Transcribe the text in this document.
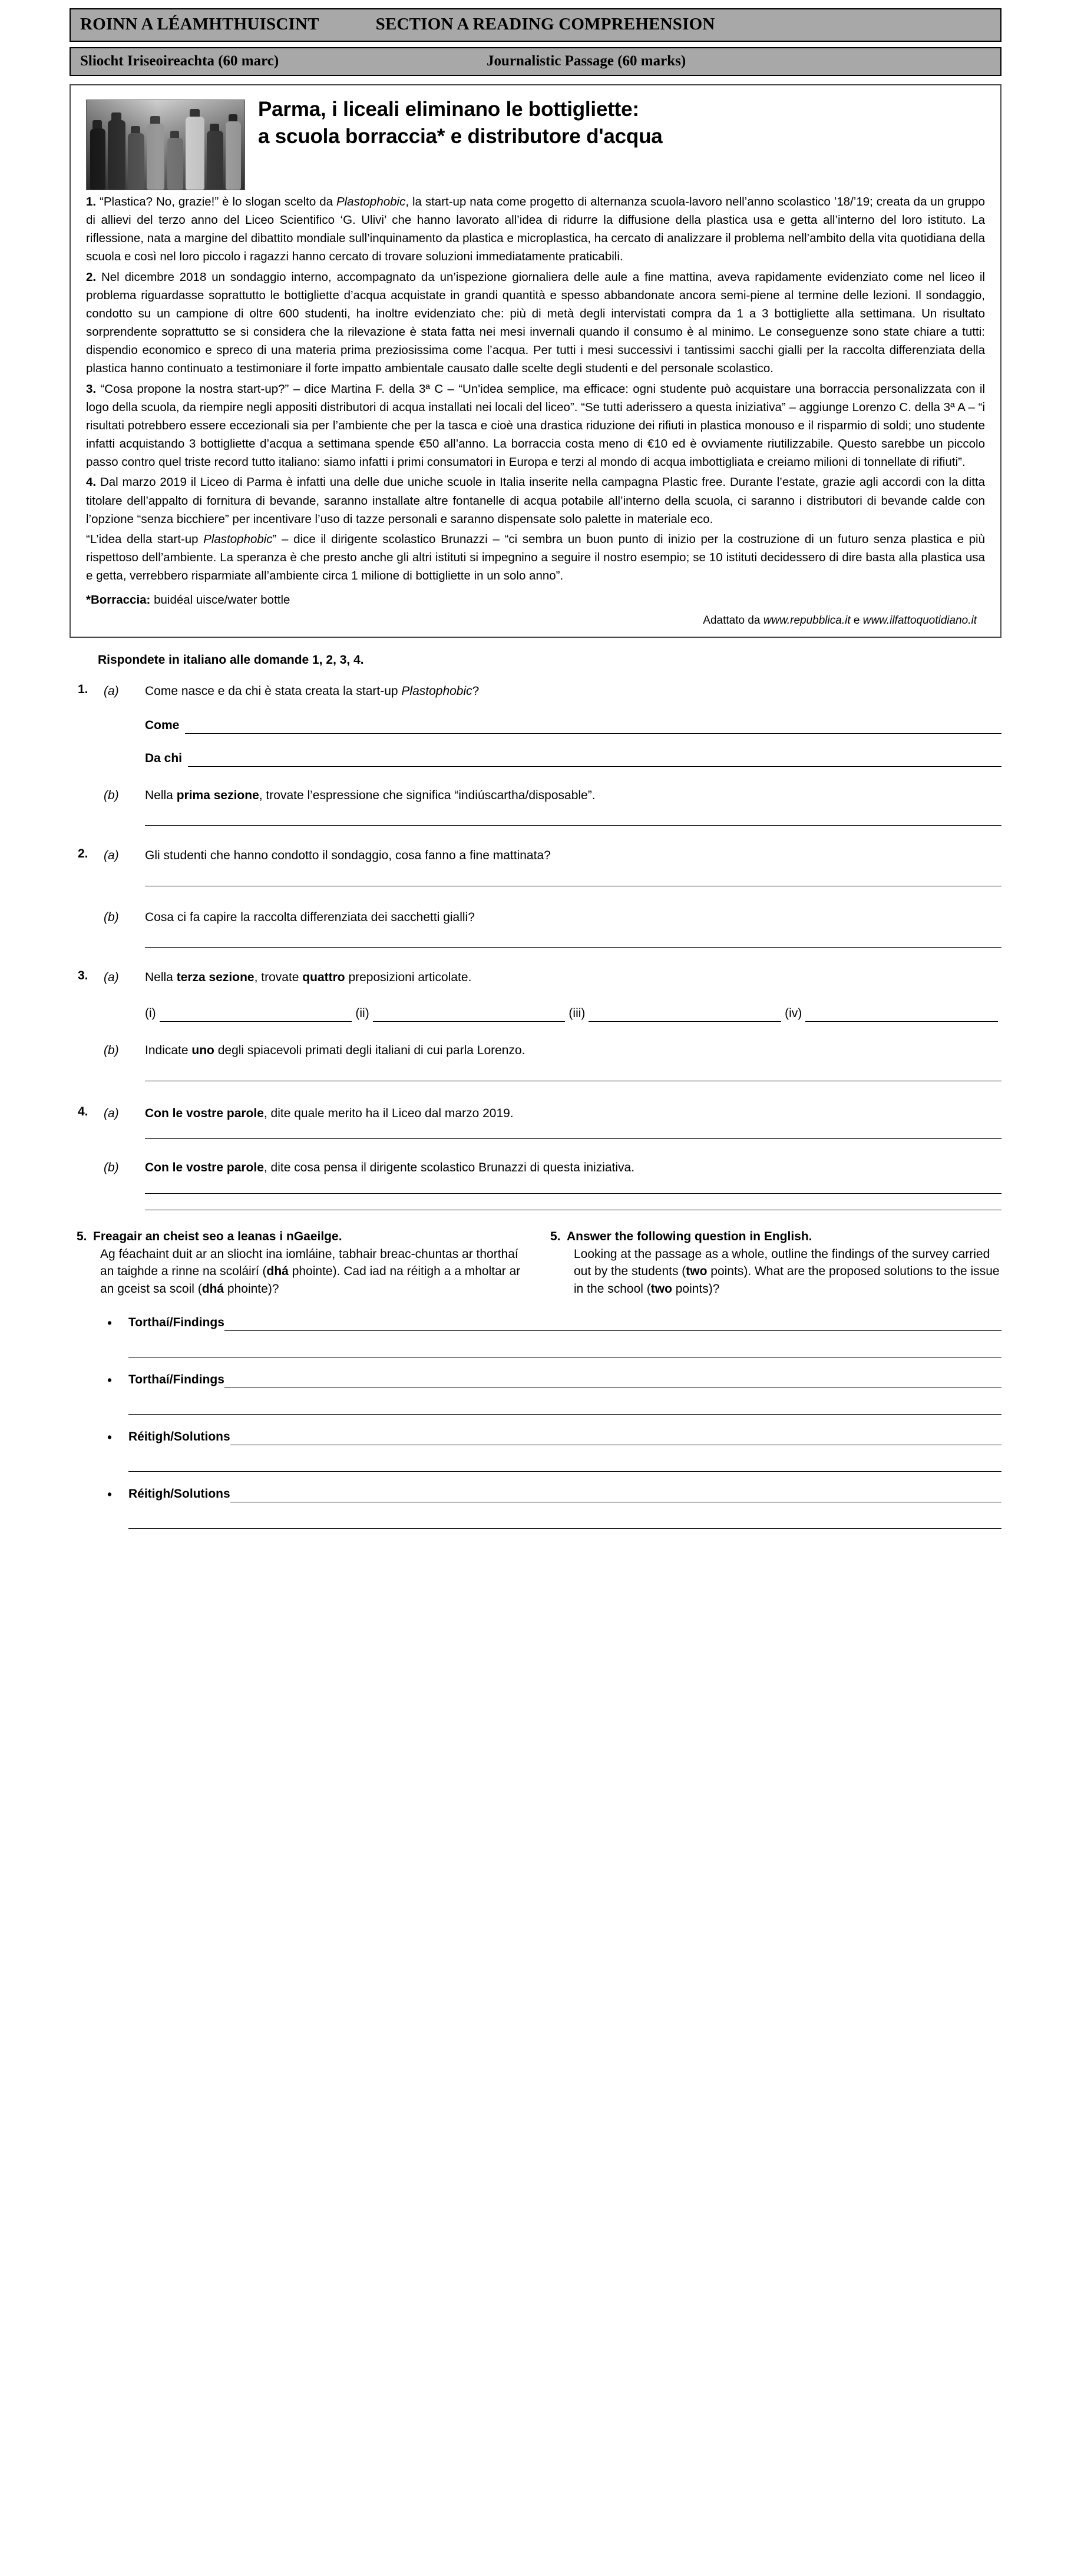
ROINN A LÉAMHTHUISCINT	SECTION A READING COMPREHENSION
Sliocht Iriseoireachta (60 marc)	Journalistic Passage (60 marks)
Parma, i liceali eliminano le bottigliette:
a scuola borraccia* e distributore d'acqua

1. “Plastica? No, grazie!” è lo slogan scelto da Plastophobic, la start-up nata come progetto di alternanza scuola-lavoro nell’anno scolastico ’18/’19; creata da un gruppo di allievi del terzo anno del Liceo Scientifico ‘G. Ulivi’ che hanno lavorato all’idea di ridurre la diffusione della plastica usa e getta all’interno del loro istituto. La riflessione, nata a margine del dibattito mondiale sull’inquinamento da plastica e microplastica, ha cercato di analizzare il problema nell’ambito della vita quotidiana della scuola e così nel loro piccolo i ragazzi hanno cercato di trovare soluzioni immediatamente praticabili.

2. Nel dicembre 2018 un sondaggio interno, accompagnato da un’ispezione giornaliera delle aule a fine mattina, aveva rapidamente evidenziato come nel liceo il problema riguardasse soprattutto le bottigliette d’acqua acquistate in grandi quantità e spesso abbandonate ancora semi-piene al termine delle lezioni. Il sondaggio, condotto su un campione di oltre 600 studenti, ha inoltre evidenziato che: più di metà degli intervistati compra da 1 a 3 bottigliette alla settimana. Un risultato sorprendente soprattutto se si considera che la rilevazione è stata fatta nei mesi invernali quando il consumo è al minimo. Le conseguenze sono state chiare a tutti: dispendio economico e spreco di una materia prima preziosissima come l’acqua. Per tutti i mesi successivi i tantissimi sacchi gialli per la raccolta differenziata della plastica hanno continuato a testimoniare il forte impatto ambientale causato dalle scelte degli studenti e del personale scolastico.

3. “Cosa propone la nostra start-up?” – dice Martina F. della 3ª C – “Un'idea semplice, ma efficace: ogni studente può acquistare una borraccia personalizzata con il logo della scuola, da riempire negli appositi distributori di acqua installati nei locali del liceo”. “Se tutti aderissero a questa iniziativa” – aggiunge Lorenzo C. della 3ª A – “i risultati potrebbero essere eccezionali sia per l’ambiente che per la tasca e cioè una drastica riduzione dei rifiuti in plastica monouso e il risparmio di soldi; uno studente infatti acquistando 3 bottigliette d’acqua a settimana spende €50 all’anno. La borraccia costa meno di €10 ed è ovviamente riutilizzabile. Questo sarebbe un piccolo passo contro quel triste record tutto italiano: siamo infatti i primi consumatori in Europa e terzi al mondo di acqua imbottigliata e creiamo milioni di tonnellate di rifiuti”.

4. Dal marzo 2019 il Liceo di Parma è infatti una delle due uniche scuole in Italia inserite nella campagna Plastic free. Durante l’estate, grazie agli accordi con la ditta titolare dell’appalto di fornitura di bevande, saranno installate altre fontanelle di acqua potabile all’interno della scuola, ci saranno i distributori di bevande calde con l’opzione “senza bicchiere” per incentivare l’uso di tazze personali e saranno dispensate solo palette in materiale eco.

“L’idea della start-up Plastophobic” – dice il dirigente scolastico Brunazzi – “ci sembra un buon punto di inizio per la costruzione di un futuro senza plastica e più rispettoso dell’ambiente. La speranza è che presto anche gli altri istituti si impegnino a seguire il nostro esempio; se 10 istituti decidessero di dire basta alla plastica usa e getta, verrebbero risparmiate all’ambiente circa 1 milione di bottigliette in un solo anno”.

*Borraccia: buidéal uisce/water bottle
Adattato da www.repubblica.it e www.ilfattoquotidiano.it
Rispondete in italiano alle domande 1, 2, 3, 4.
1.	(a)	Come nasce e da chi è stata creata la start-up Plastophobic?
Come
Da chi
(b)	Nella prima sezione, trovate l’espressione che significa “indiúscartha/disposable”.
2.	(a)	Gli studenti che hanno condotto il sondaggio, cosa fanno a fine mattinata?
(b)	Cosa ci fa capire la raccolta differenziata dei sacchetti gialli?
3.	(a)	Nella terza sezione, trovate quattro preposizioni articolate.
(i)	(ii)	(iii)	(iv)
(b)	Indicate uno degli spiacevoli primati degli italiani di cui parla Lorenzo.
4.	(a)	Con le vostre parole, dite quale merito ha il Liceo dal marzo 2019.
(b)	Con le vostre parole, dite cosa pensa il dirigente scolastico Brunazzi di questa iniziativa.
5. Freagair an cheist seo a leanas i nGaeilge.
Ag féachaint duit ar an sliocht ina iomláine, tabhair breac-chuntas ar thorthaí an taighde a rinne na scoláirí (dhá phointe). Cad iad na réitigh a a mholtar ar an gceist sa scoil (dhá phointe)?
5. Answer the following question in English.
Looking at the passage as a whole, outline the findings of the survey carried out by the students (two points). What are the proposed solutions to the issue in the school (two points)?
•	Torthaí/Findings
•	Torthaí/Findings
•	Réitigh/Solutions
•	Réitigh/Solutions
